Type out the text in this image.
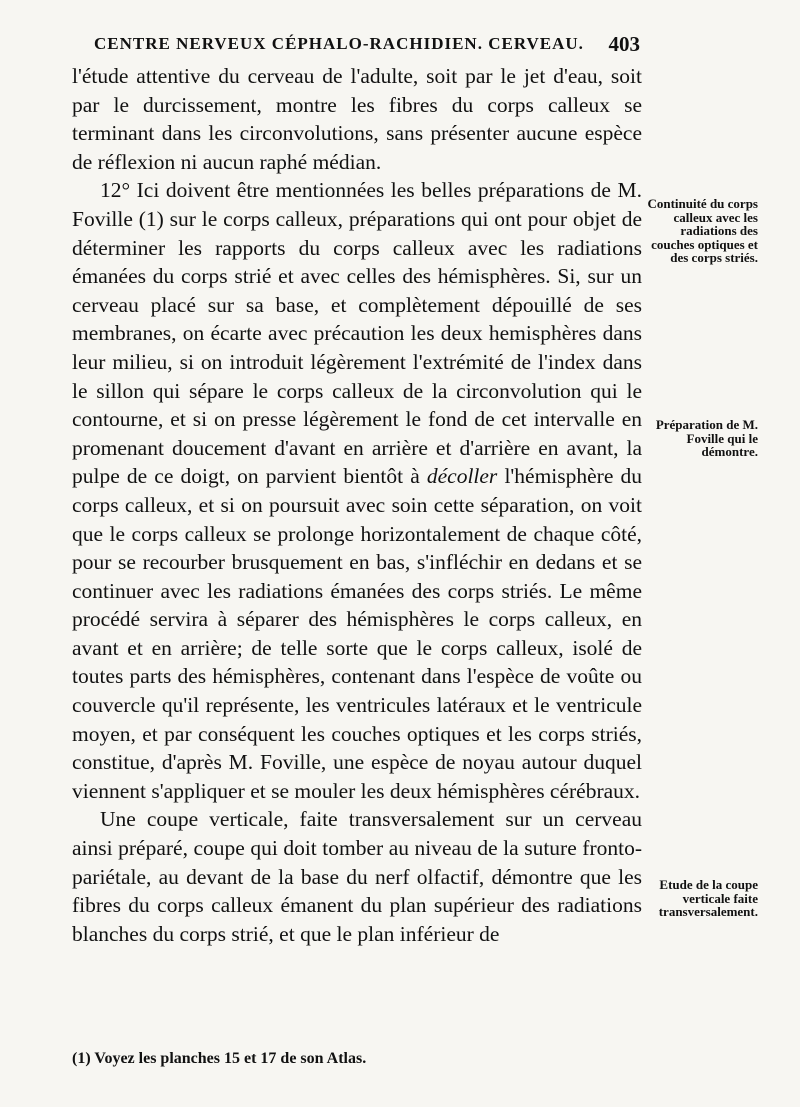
CENTRE NERVEUX CÉPHALO-RACHIDIEN. CERVEAU. 403

l'étude attentive du cerveau de l'adulte, soit par le jet d'eau, soit par le durcissement, montre les fibres du corps calleux se terminant dans les circonvolutions, sans présenter aucune espèce de réflexion ni aucun raphé médian.

12° Ici doivent être mentionnées les belles préparations de M. Foville (1) sur le corps calleux, préparations qui ont pour objet de déterminer les rapports du corps calleux avec les radiations émanées du corps strié et avec celles des hémisphères. Si, sur un cerveau placé sur sa base, et complètement dépouillé de ses membranes, on écarte avec précaution les deux hemisphères dans leur milieu, si on introduit légèrement l'extrémité de l'index dans le sillon qui sépare le corps calleux de la circonvolution qui le contourne, et si on presse légèrement le fond de cet intervalle en promenant doucement d'avant en arrière et d'arrière en avant, la pulpe de ce doigt, on parvient bientôt à décoller l'hémisphère du corps calleux, et si on poursuit avec soin cette séparation, on voit que le corps calleux se prolonge horizontalement de chaque côté, pour se recourber brusquement en bas, s'infléchir en dedans et se continuer avec les radiations émanées des corps striés. Le même procédé servira à séparer des hémisphères le corps calleux, en avant et en arrière; de telle sorte que le corps calleux, isolé de toutes parts des hémisphères, contenant dans l'espèce de voûte ou couvercle qu'il représente, les ventricules latéraux et le ventricule moyen, et par conséquent les couches optiques et les corps striés, constitue, d'après M. Foville, une espèce de noyau autour duquel viennent s'appliquer et se mouler les deux hémisphères cérébraux.

Une coupe verticale, faite transversalement sur un cerveau ainsi préparé, coupe qui doit tomber au niveau de la suture fronto-pariétale, au devant de la base du nerf olfactif, démontre que les fibres du corps calleux émanent du plan supérieur des radiations blanches du corps strié, et que le plan inférieur de

Continuité du corps calleux avec les radiations des couches optiques et des corps striés.
Préparation de M. Foville qui le démontre.
Etude de la coupe verticale faite transversalement.
(1) Voyez les planches 15 et 17 de son Atlas.
